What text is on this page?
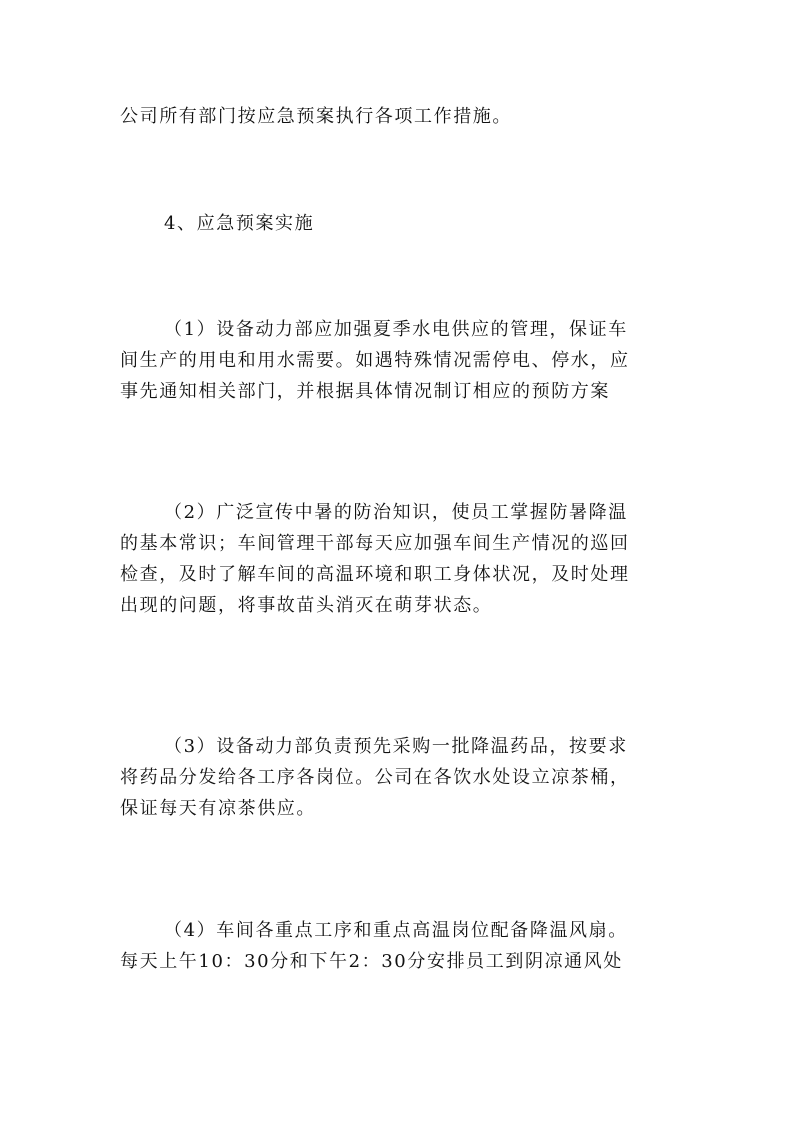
公司所有部门按应急预案执行各项工作措施。
4、应急预案实施
（1）设备动力部应加强夏季水电供应的管理，保证车
间生产的用电和用水需要。如遇特殊情况需停电、停水，应
事先通知相关部门，并根据具体情况制订相应的预防方案
（2）广泛宣传中暑的防治知识，使员工掌握防暑降温
的基本常识；车间管理干部每天应加强车间生产情况的巡回
检查，及时了解车间的高温环境和职工身体状况，及时处理
出现的问题，将事故苗头消灭在萌芽状态。
（3）设备动力部负责预先采购一批降温药品，按要求
将药品分发给各工序各岗位。公司在各饮水处设立凉茶桶，
保证每天有凉茶供应。
（4）车间各重点工序和重点高温岗位配备降温风扇。
每天上午10：30分和下午2：30分安排员工到阴凉通风处
